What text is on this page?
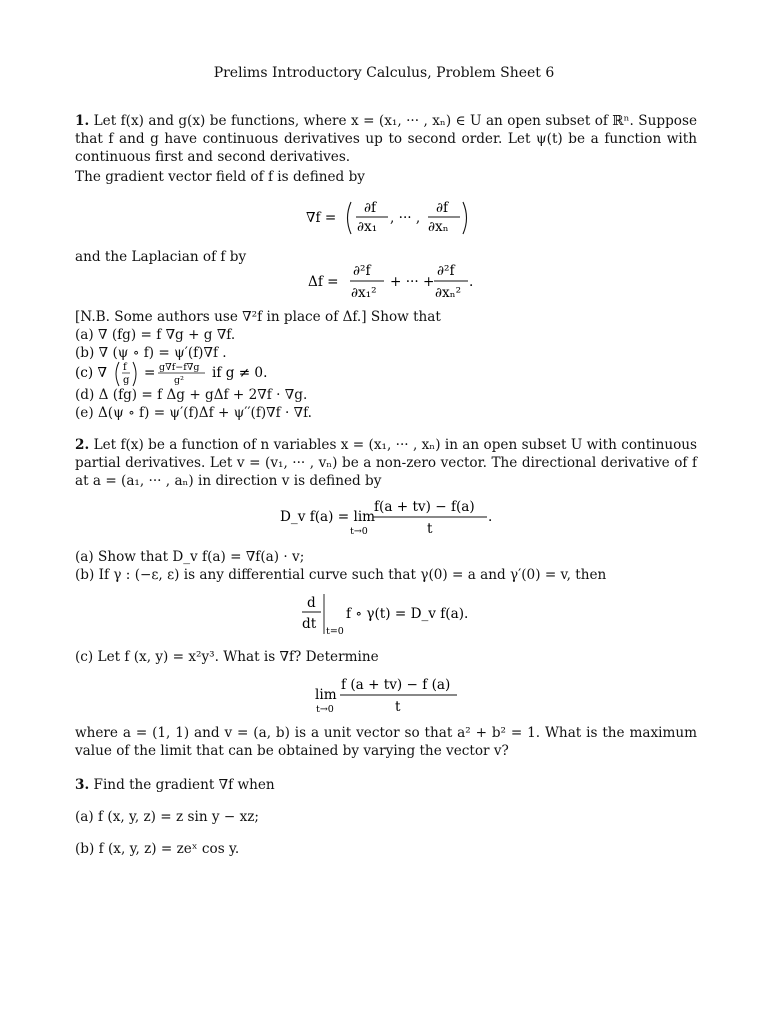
Prelims Introductory Calculus, Problem Sheet 6
1. Let f(x) and g(x) be functions, where x = (x₁, ··· , xₙ) ∈ U an open subset of ℝⁿ. Suppose
that f and g have continuous derivatives up to second order. Let ψ(t) be a function with
continuous first and second derivatives.
The gradient vector field of f is defined by
∇f =
∂f
∂x₁
, ··· ,
∂f
∂xₙ
and the Laplacian of f by
Δf =
∂²f
∂x₁²
+ ··· +
∂²f
∂xₙ²
.
[N.B. Some authors use ∇²f in place of Δf.] Show that
(a) ∇ (fg) = f ∇g + g ∇f.
(b) ∇ (ψ ∘ f) = ψ′(f)∇f .
(c) ∇ f
g = g∇f−f∇g
g² if g ≠ 0.
(d) Δ (fg) = f Δg + gΔf + 2∇f · ∇g.
(e) Δ(ψ ∘ f) = ψ′(f)Δf + ψ′′(f)∇f · ∇f.
2. Let f(x) be a function of n variables x = (x₁, ··· , xₙ) in an open subset U with continuous
partial derivatives. Let v = (v₁, ··· , vₙ) be a non-zero vector. The directional derivative of f
at a = (a₁, ··· , aₙ) in direction v is defined by
D_v f(a) = lim
t→0
f(a + tv) − f(a)
t
.
(a) Show that D_v f(a) = ∇f(a) · v;
(b) If γ : (−ε, ε) is any differential curve such that γ(0) = a and γ′(0) = v, then
d
dt t=0
f ∘ γ(t) = D_v f(a).
(c) Let f (x, y) = x²y³. What is ∇f? Determine
lim
t→0
f (a + tv) − f (a)
t
where a = (1, 1) and v = (a, b) is a unit vector so that a² + b² = 1. What is the maximum
value of the limit that can be obtained by varying the vector v?
3. Find the gradient ∇f when
(a) f (x, y, z) = z sin y − xz;
(b) f (x, y, z) = zeˣ cos y.
